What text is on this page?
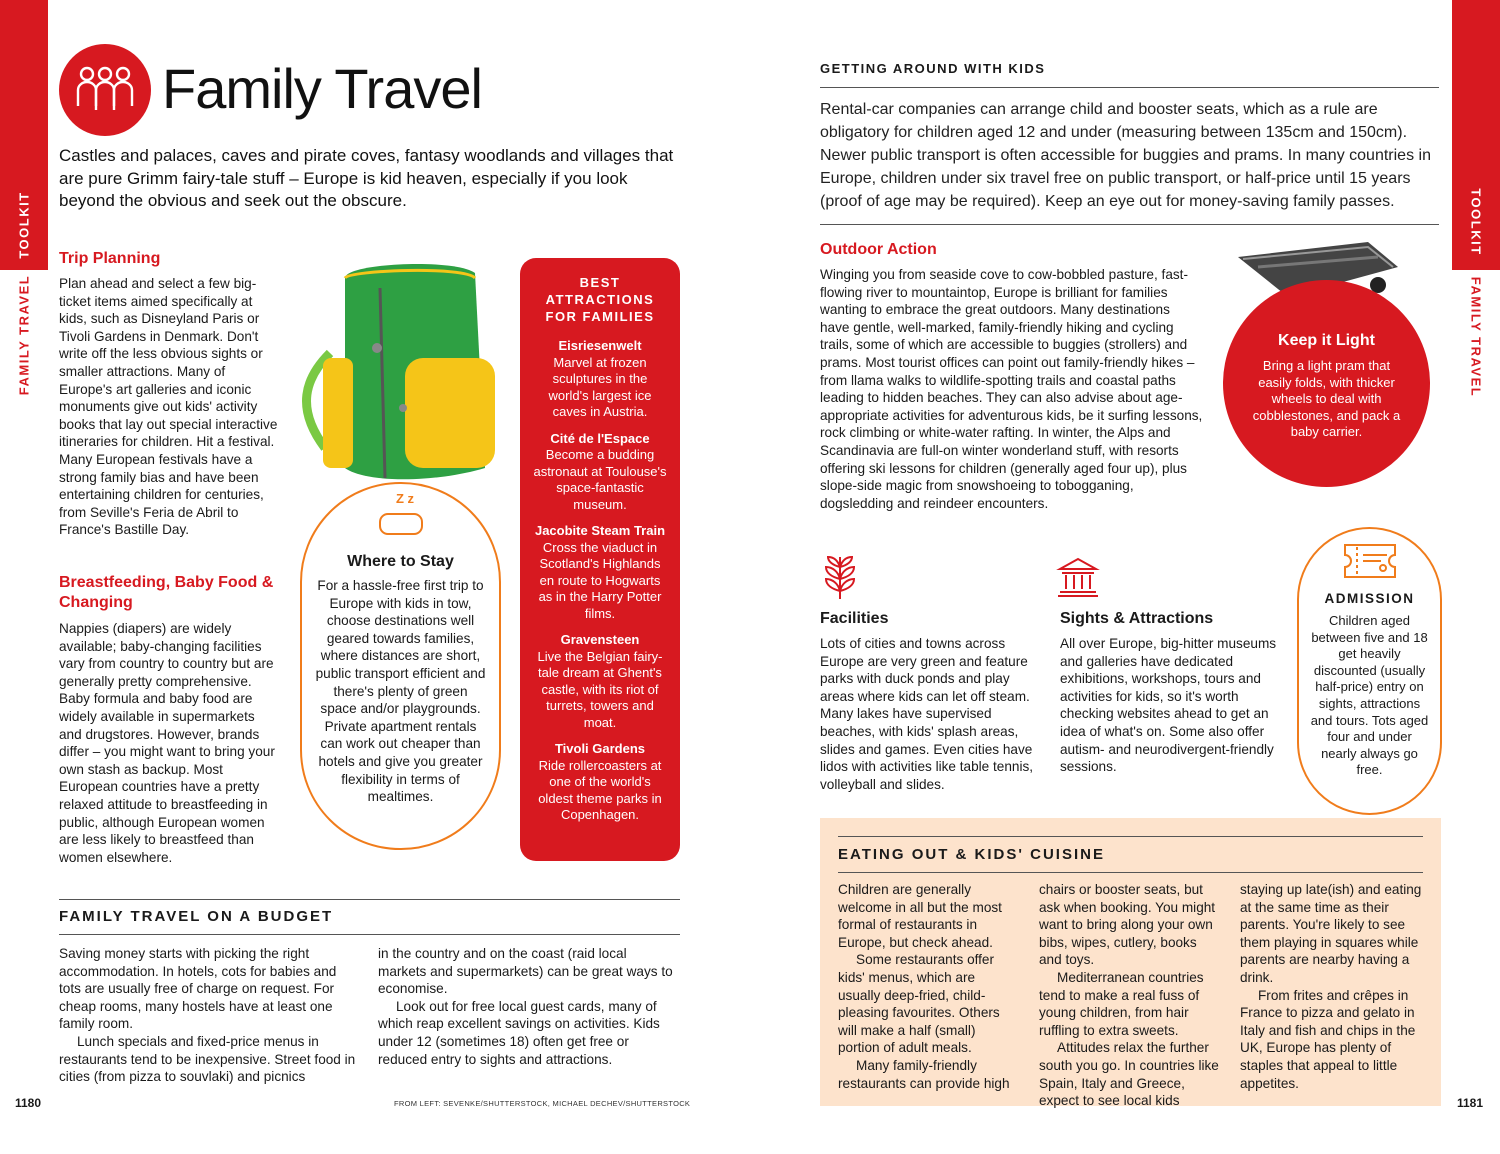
TOOLKIT
FAMILY TRAVEL
Family Travel
Castles and palaces, caves and pirate coves, fantasy woodlands and villages that are pure Grimm fairy-tale stuff – Europe is kid heaven, especially if you look beyond the obvious and seek out the obscure.
Trip Planning
Plan ahead and select a few big-ticket items aimed specifically at kids, such as Disneyland Paris or Tivoli Gardens in Denmark. Don't write off the less obvious sights or smaller attractions. Many of Europe's art galleries and iconic monuments give out kids' activity books that lay out special interactive itineraries for children. Hit a festival. Many European festivals have a strong family bias and have been entertaining children for centuries, from Seville's Feria de Abril to France's Bastille Day.
Breastfeeding, Baby Food & Changing
Nappies (diapers) are widely available; baby-changing facilities vary from country to country but are generally pretty comprehensive. Baby formula and baby food are widely available in supermarkets and drugstores. However, brands differ – you might want to bring your own stash as backup. Most European countries have a pretty relaxed attitude to breastfeeding in public, although European women are less likely to breastfeed than women elsewhere.
Z z
Where to Stay
For a hassle-free first trip to Europe with kids in tow, choose destinations well geared towards families, where distances are short, public transport efficient and there's plenty of green space and/or playgrounds. Private apartment rentals can work out cheaper than hotels and give you greater flexibility in terms of mealtimes.
BEST ATTRACTIONS FOR FAMILIES
Eisriesenwelt
Marvel at frozen sculptures in the world's largest ice caves in Austria.
Cité de l'Espace
Become a budding astronaut at Toulouse's space-fantastic museum.
Jacobite Steam Train
Cross the viaduct in Scotland's Highlands en route to Hogwarts as in the Harry Potter films.
Gravensteen
Live the Belgian fairy-tale dream at Ghent's castle, with its riot of turrets, towers and moat.
Tivoli Gardens
Ride rollercoasters at one of the world's oldest theme parks in Copenhagen.
FAMILY TRAVEL ON A BUDGET
Saving money starts with picking the right accommodation. In hotels, cots for babies and tots are usually free of charge on request. For cheap rooms, many hostels have at least one family room.
Lunch specials and fixed-price menus in restaurants tend to be inexpensive. Street food in cities (from pizza to souvlaki) and picnics
in the country and on the coast (raid local markets and supermarkets) can be great ways to economise.
Look out for free local guest cards, many of which reap excellent savings on activities. Kids under 12 (sometimes 18) often get free or reduced entry to sights and attractions.
1180	FROM LEFT: SEVENKE/SHUTTERSTOCK, MICHAEL DECHEV/SHUTTERSTOCK
TOOLKIT
FAMILY TRAVEL
GETTING AROUND WITH KIDS
Rental-car companies can arrange child and booster seats, which as a rule are obligatory for children aged 12 and under (measuring between 135cm and 150cm). Newer public transport is often accessible for buggies and prams. In many countries in Europe, children under six travel free on public transport, or half-price until 15 years (proof of age may be required). Keep an eye out for money-saving family passes.
Outdoor Action
Winging you from seaside cove to cow-bobbled pasture, fast-flowing river to mountaintop, Europe is brilliant for families wanting to embrace the great outdoors. Many destinations have gentle, well-marked, family-friendly hiking and cycling trails, some of which are accessible to buggies (strollers) and prams. Most tourist offices can point out family-friendly hikes – from llama walks to wildlife-spotting trails and coastal paths leading to hidden beaches. They can also advise about age-appropriate activities for adventurous kids, be it surfing lessons, rock climbing or white-water rafting. In winter, the Alps and Scandinavia are full-on winter wonderland stuff, with resorts offering ski lessons for children (generally aged four up), plus slope-side magic from snowshoeing to tobogganing, dogsledding and reindeer encounters.
Keep it Light
Bring a light pram that easily folds, with thicker wheels to deal with cobblestones, and pack a baby carrier.
Facilities
Lots of cities and towns across Europe are very green and feature parks with duck ponds and play areas where kids can let off steam. Many lakes have supervised beaches, with kids' splash areas, slides and games. Even cities have lidos with activities like table tennis, volleyball and slides.
Sights & Attractions
All over Europe, big-hitter museums and galleries have dedicated exhibitions, workshops, tours and activities for kids, so it's worth checking websites ahead to get an idea of what's on. Some also offer autism- and neurodivergent-friendly sessions.
ADMISSION
Children aged between five and 18 get heavily discounted (usually half-price) entry on sights, attractions and tours. Tots aged four and under nearly always go free.
EATING OUT & KIDS' CUISINE
Children are generally welcome in all but the most formal of restaurants in Europe, but check ahead.
Some restaurants offer kids' menus, which are usually deep-fried, child-pleasing favourites. Others will make a half (small) portion of adult meals.
Many family-friendly restaurants can provide high
chairs or booster seats, but ask when booking. You might want to bring along your own bibs, wipes, cutlery, books and toys.
Mediterranean countries tend to make a real fuss of young children, from hair ruffling to extra sweets.
Attitudes relax the further south you go. In countries like Spain, Italy and Greece, expect to see local kids
staying up late(ish) and eating at the same time as their parents. You're likely to see them playing in squares while parents are nearby having a drink.
From frites and crêpes in France to pizza and gelato in Italy and fish and chips in the UK, Europe has plenty of staples that appeal to little appetites.
1181
